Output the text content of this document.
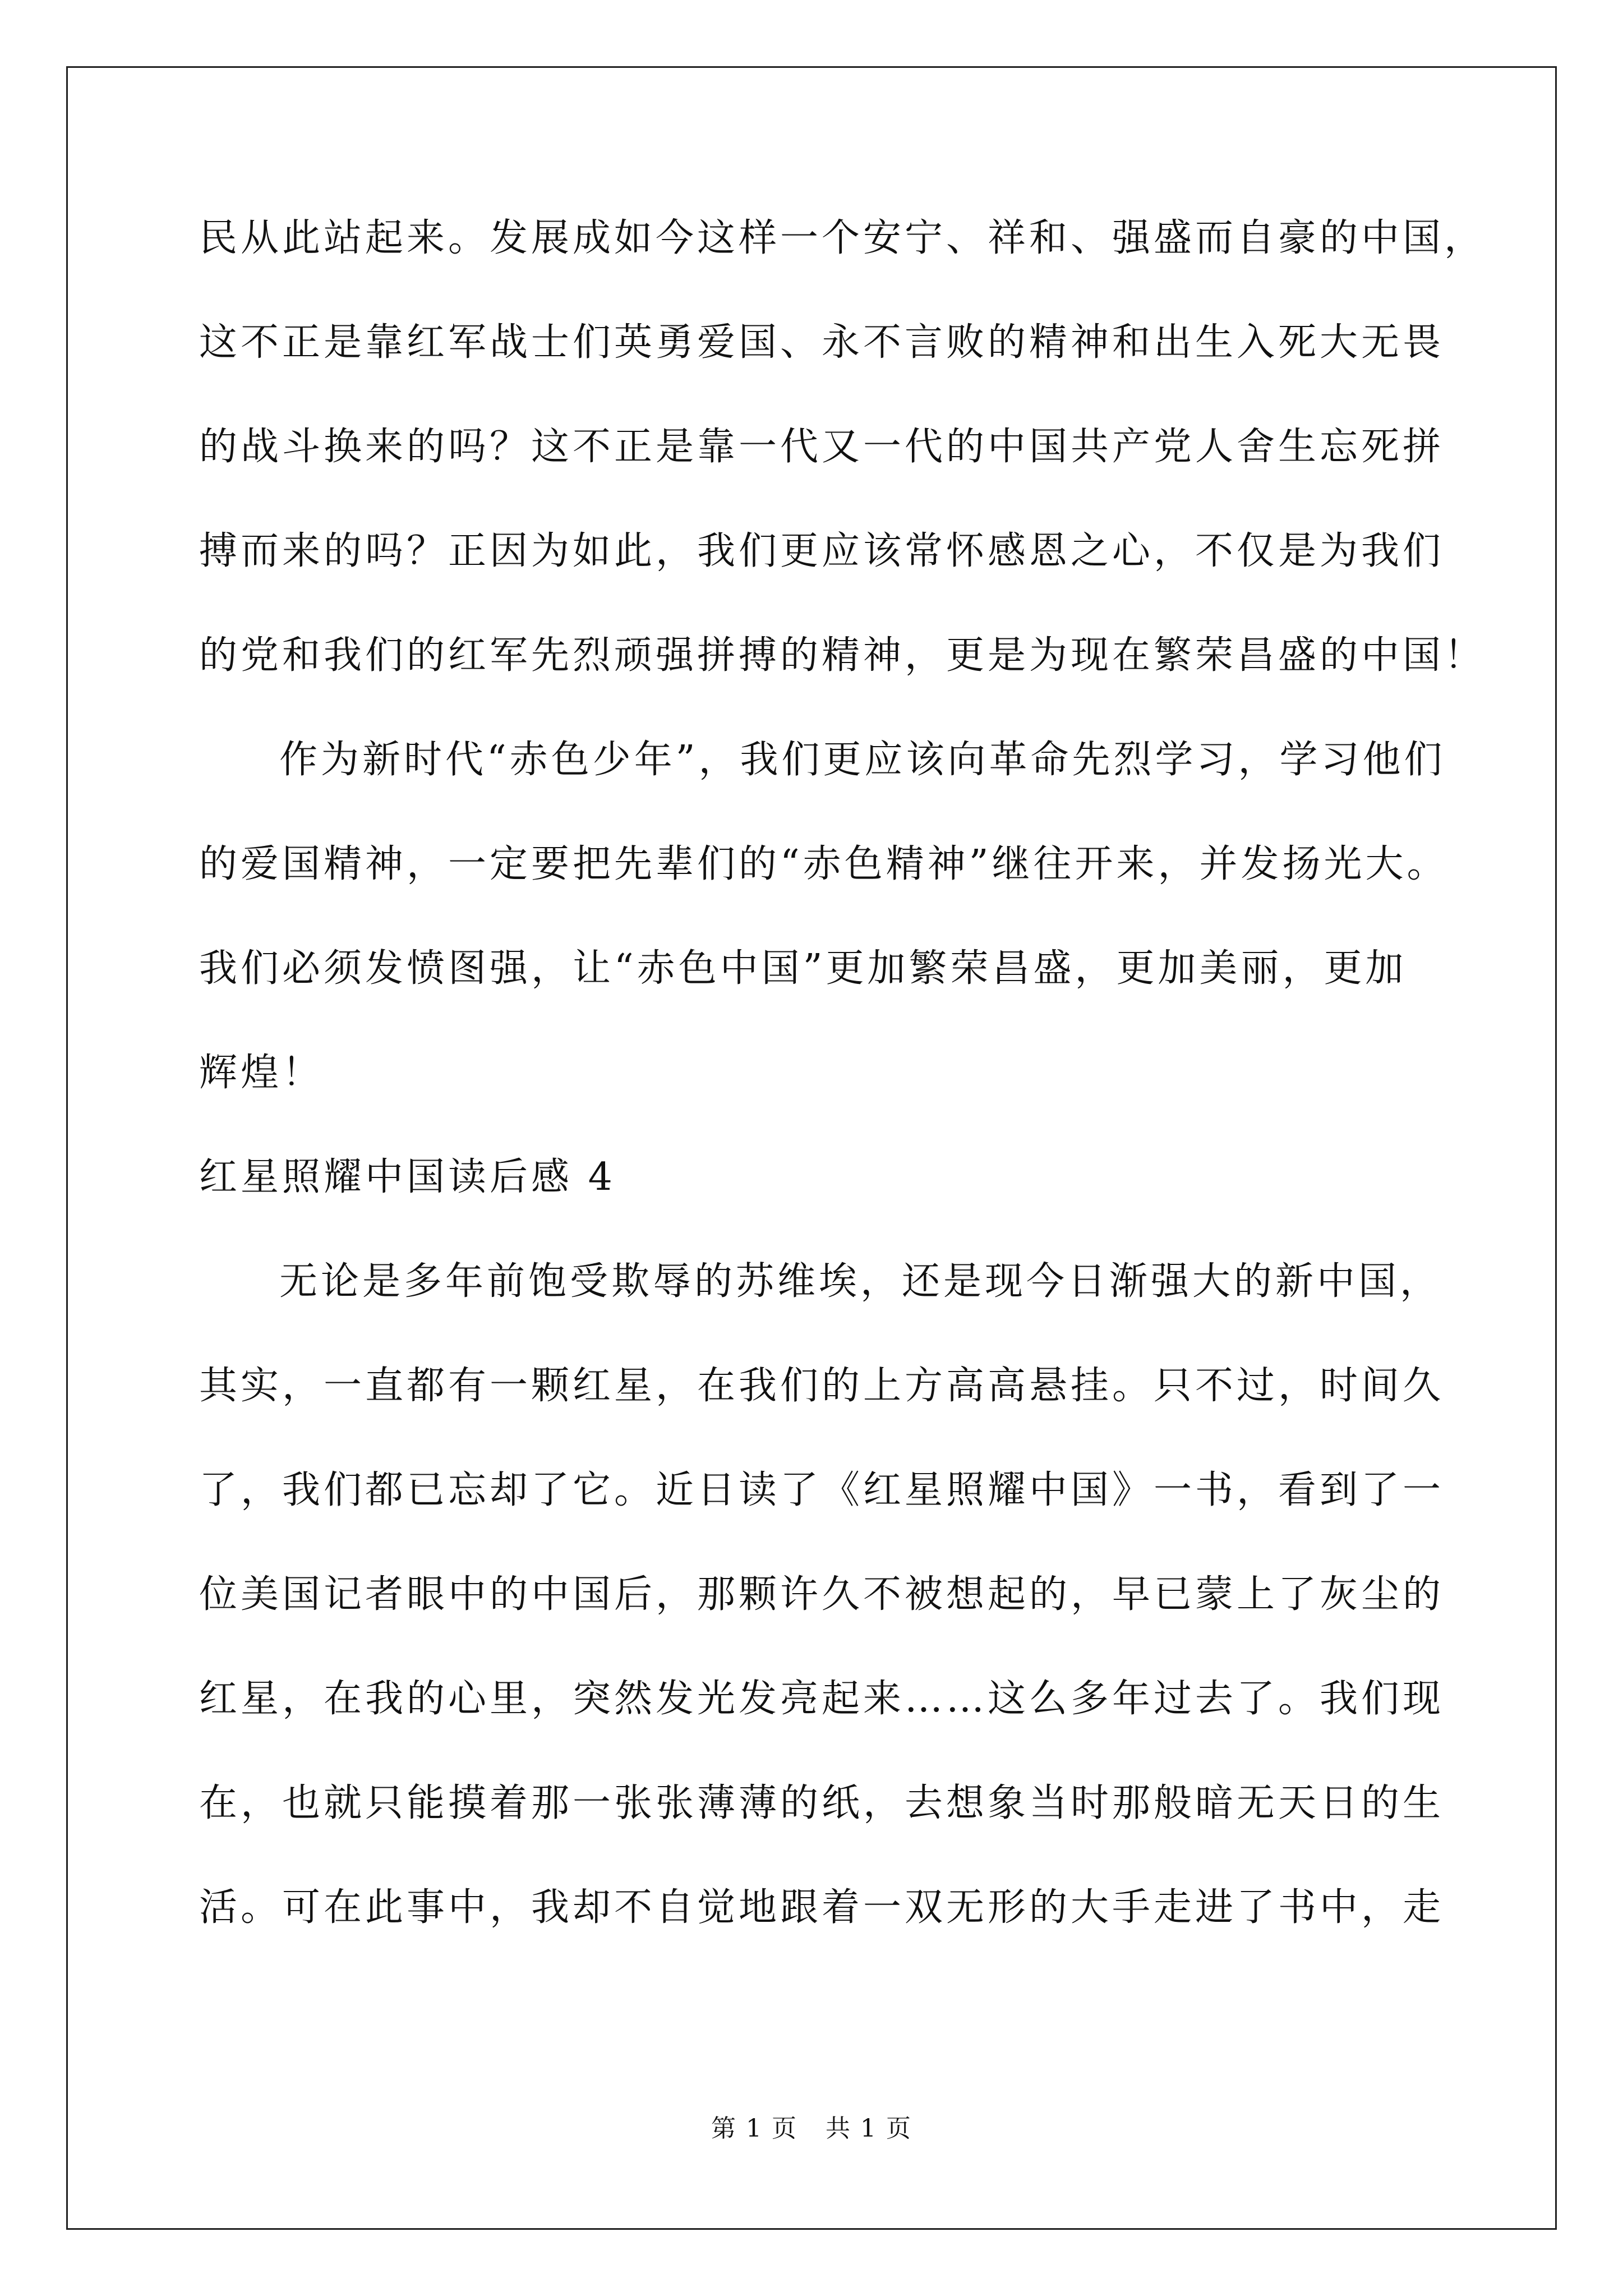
民从此站起来。发展成如今这样一个安宁、祥和、强盛而自豪的中国，
这不正是靠红军战士们英勇爱国、永不言败的精神和出生入死大无畏
的战斗换来的吗？这不正是靠一代又一代的中国共产党人舍生忘死拼
搏而来的吗？正因为如此，我们更应该常怀感恩之心，不仅是为我们
的党和我们的红军先烈顽强拼搏的精神，更是为现在繁荣昌盛的中国！
作为新时代“赤色少年”，我们更应该向革命先烈学习，学习他们
的爱国精神，一定要把先辈们的“赤色精神”继往开来，并发扬光大。
我们必须发愤图强，让“赤色中国”更加繁荣昌盛，更加美丽，更加
辉煌！
红星照耀中国读后感 4
无论是多年前饱受欺辱的苏维埃，还是现今日渐强大的新中国，
其实，一直都有一颗红星，在我们的上方高高悬挂。只不过，时间久
了，我们都已忘却了它。近日读了《红星照耀中国》一书，看到了一
位美国记者眼中的中国后，那颗许久不被想起的，早已蒙上了灰尘的
红星，在我的心里，突然发光发亮起来……这么多年过去了。我们现
在，也就只能摸着那一张张薄薄的纸，去想象当时那般暗无天日的生
活。可在此事中，我却不自觉地跟着一双无形的大手走进了书中，走
第 1 页 共 1 页
